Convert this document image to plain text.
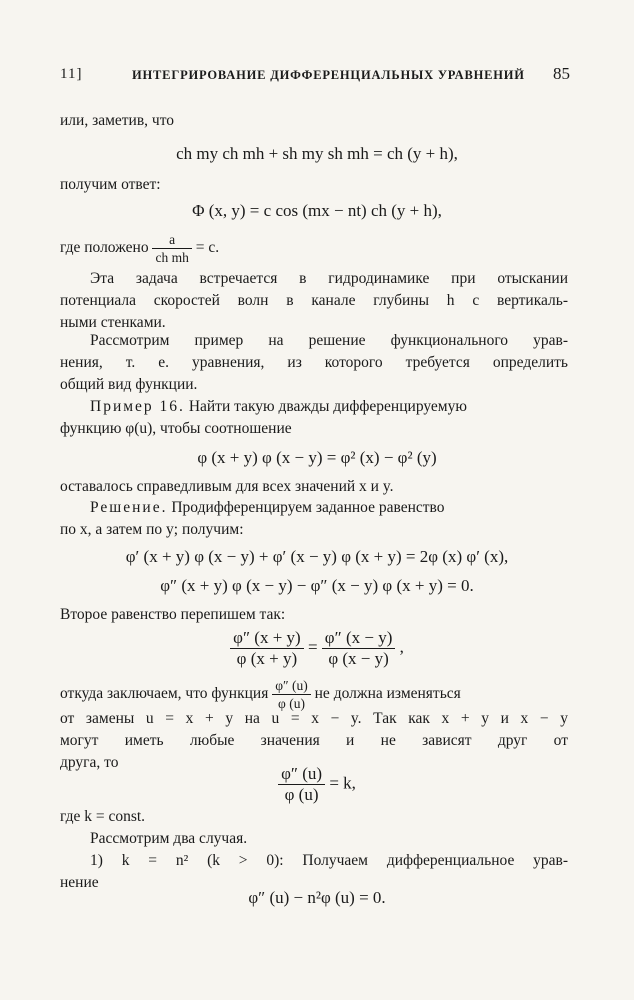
11]	ИНТЕГРИРОВАНИЕ ДИФФЕРЕНЦИАЛЬНЫХ УРАВНЕНИЙ 85
или, заметив, что
ch my ch mh + sh my sh mh = ch (y + h),
получим ответ:
Φ (x, y) = c cos (mx − nt) ch (y + h),
где положено $\frac{a}{\text{ch mh}} = c$.
Эта задача встречается в гидродинамике при отыскании
потенциала скоростей волн в канале глубины h с вертикаль-
ными стенками.
Рассмотрим пример на решение функционального урав-
нения, т. е. уравнения, из которого требуется определить
общий вид функции.
Пример 16. Найти такую дважды дифференцируемую
функцию φ(u), чтобы соотношение
φ (x + y) φ (x − y) = φ² (x) − φ² (y)
оставалось справедливым для всех значений x и y.
Решение. Продифференцируем заданное равенство
по x, а затем по y; получим:
φ′ (x + y) φ (x − y) + φ′ (x − y) φ (x + y) = 2φ (x) φ′ (x),
φ″ (x + y) φ (x − y) − φ″ (x − y) φ (x + y) = 0.
Второе равенство перепишем так:
$\frac{\varphi'' (x + y)}{\varphi (x + y)} = \frac{\varphi'' (x - y)}{\varphi (x - y)}$ ,
откуда заключаем, что функция $\frac{\varphi'' (u)}{\varphi (u)}$ не должна изменяться
от замены u = x + y на u = x − y. Так как x + y и x − y
могут иметь любые значения и не зависят друг от
друга, то
$\frac{\varphi'' (u)}{\varphi (u)} = k$,
где k = const.
Рассмотрим два случая.
1) k = n² (k > 0): Получаем дифференциальное урав-
нение
φ″ (u) − n²φ (u) = 0.
